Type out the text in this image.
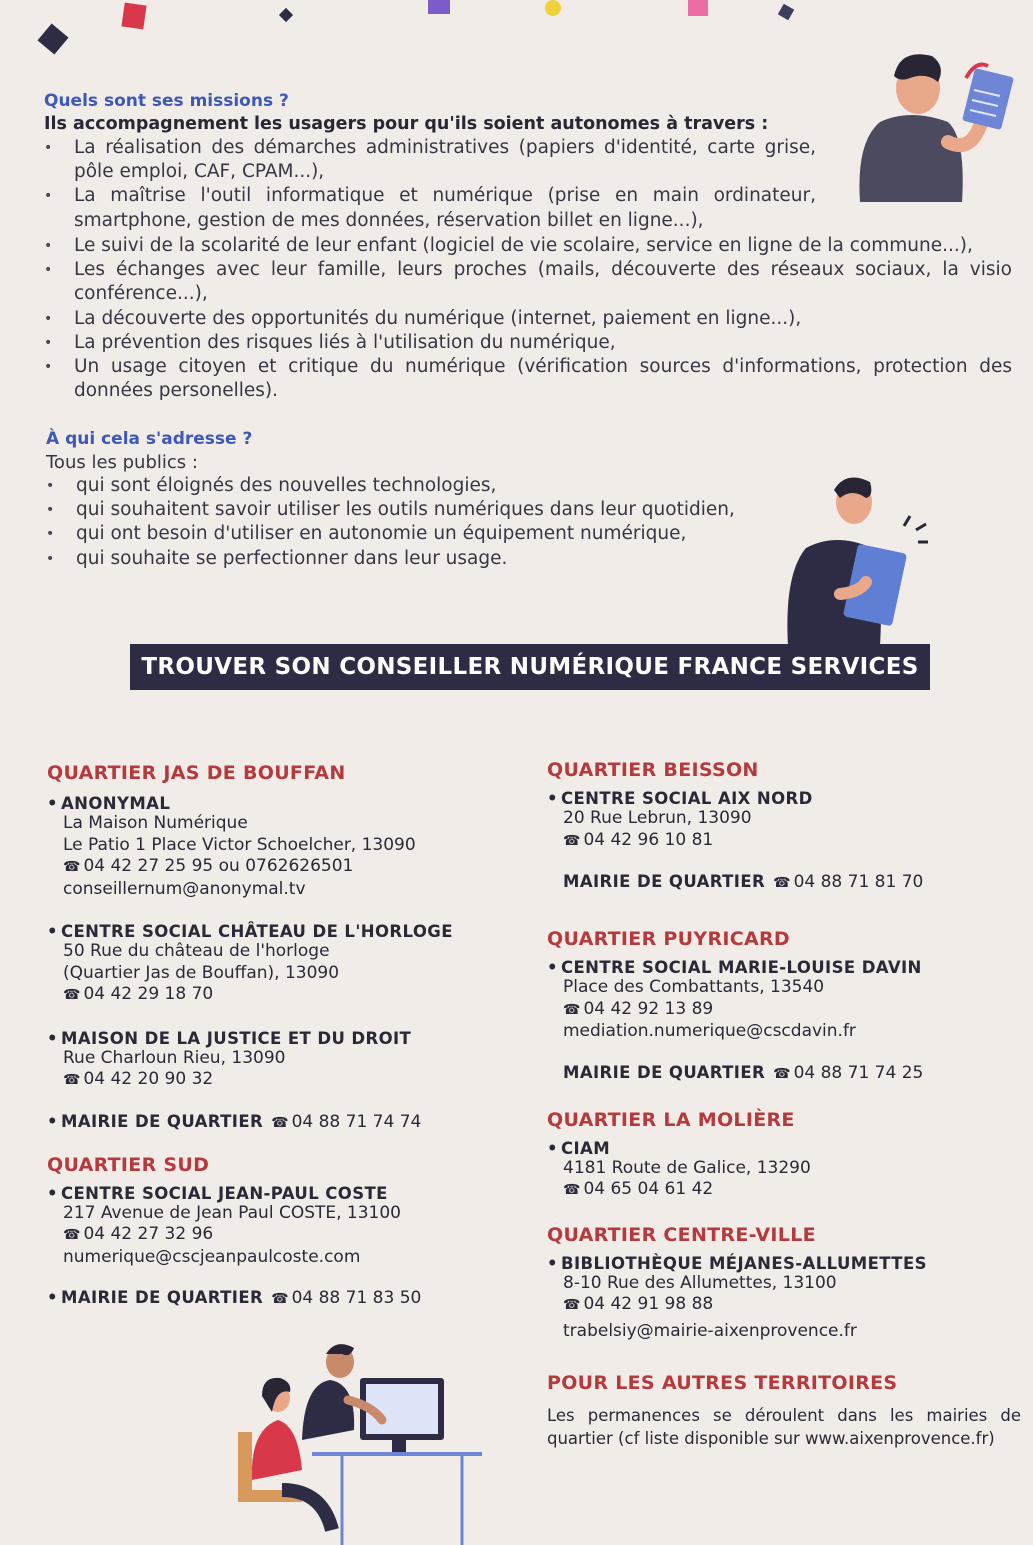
Quels sont ses missions ?
Ils accompagnement les usagers pour qu'ils soient autonomes à travers :
• La réalisation des démarches administratives (papiers d'identité, carte grise, pôle emploi, CAF, CPAM...),
• La maîtrise l'outil informatique et numérique (prise en main ordinateur, smartphone, gestion de mes données, réservation billet en ligne...),
• Le suivi de la scolarité de leur enfant (logiciel de vie scolaire, service en ligne de la commune...),
• Les échanges avec leur famille, leurs proches (mails, découverte des réseaux sociaux, la visio conférence...),
• La découverte des opportunités du numérique (internet, paiement en ligne...),
• La prévention des risques liés à l'utilisation du numérique,
• Un usage citoyen et critique du numérique (vérification sources d'informations, protection des données personelles).
À qui cela s'adresse ?
Tous les publics :
• qui sont éloignés des nouvelles technologies,
• qui souhaitent savoir utiliser les outils numériques dans leur quotidien,
• qui ont besoin d'utiliser en autonomie un équipement numérique,
• qui souhaite se perfectionner dans leur usage.
TROUVER SON CONSEILLER NUMÉRIQUE FRANCE SERVICES

QUARTIER JAS DE BOUFFAN

• ANONYMAL
La Maison Numérique
Le Patio 1 Place Victor Schoelcher, 13090
☎ 04 42 27 25 95 ou 0762626501
conseillernum@anonymal.tv
• CENTRE SOCIAL CHÂTEAU DE L'HORLOGE
50 Rue du château de l'horloge
(Quartier Jas de Bouffan), 13090
☎ 04 42 29 18 70
• MAISON DE LA JUSTICE ET DU DROIT
Rue Charloun Rieu, 13090
☎ 04 42 20 90 32
• MAIRIE DE QUARTIER ☎ 04 88 71 74 74

QUARTIER SUD

• CENTRE SOCIAL JEAN-PAUL COSTE
217 Avenue de Jean Paul COSTE, 13100
☎ 04 42 27 32 96
numerique@cscjeanpaulcoste.com
• MAIRIE DE QUARTIER ☎ 04 88 71 83 50

QUARTIER BEISSON

• CENTRE SOCIAL AIX NORD
20 Rue Lebrun, 13090
☎ 04 42 96 10 81
MAIRIE DE QUARTIER ☎ 04 88 71 81 70

QUARTIER PUYRICARD

• CENTRE SOCIAL MARIE-LOUISE DAVIN
Place des Combattants, 13540
☎ 04 42 92 13 89
mediation.numerique@cscdavin.fr
MAIRIE DE QUARTIER ☎ 04 88 71 74 25

QUARTIER LA MOLIÈRE

• CIAM
4181 Route de Galice, 13290
☎ 04 65 04 61 42

QUARTIER CENTRE-VILLE

• BIBLIOTHÈQUE MÉJANES-ALLUMETTES
8-10 Rue des Allumettes, 13100
☎ 04 42 91 98 88
trabelsiy@mairie-aixenprovence.fr

POUR LES AUTRES TERRITOIRES

Les permanences se déroulent dans les mairies de quartier (cf liste disponible sur www.aixenprovence.fr)
